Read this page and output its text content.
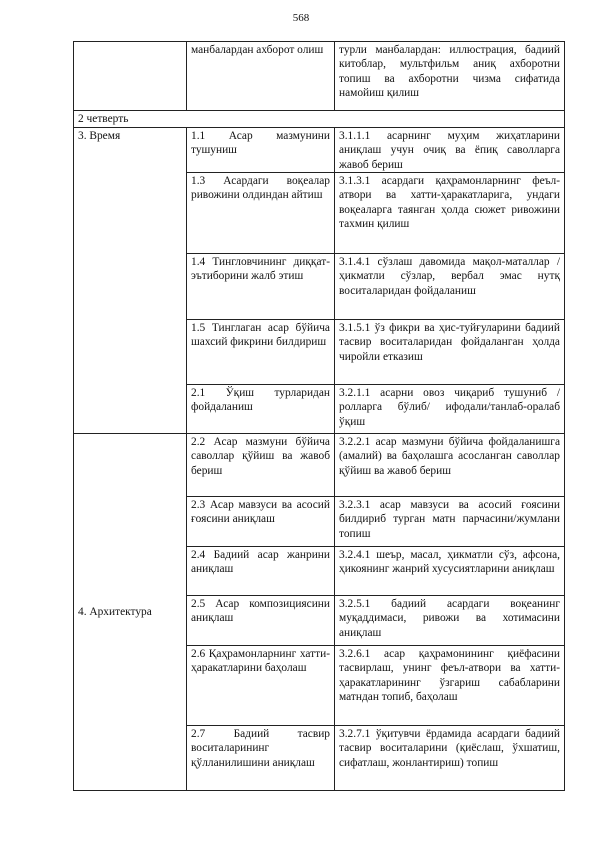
568
	манбалардан ахборот олиш	турли манбалардан: иллюстрация, бадиий китоблар, мультфильм аниқ ахборотни топиш ва ахборотни чизма сифатида намойиш қилиш
2 четверть		
3. Время	1.1 Асар мазмунини тушуниш	3.1.1.1 асарнинг муҳим жиҳатларини аниқлаш учун очиқ ва ёпиқ саволларга жавоб бериш
	1.3 Асардаги воқеалар ривожини олдиндан айтиш	3.1.3.1 асардаги қаҳрамонларнинг феъл-атвори ва хатти-ҳаракатларига, ундаги воқеаларга таянган ҳолда сюжет ривожини тахмин қилиш
	1.4 Тингловчининг диққат-эътиборини жалб этиш	3.1.4.1 сўзлаш давомида мақол-маталлар / ҳикматли сўзлар, вербал эмас нутқ воситаларидан фойдаланиш
	1.5 Тинглаган асар бўйича шахсий фикрини билдириш	3.1.5.1 ўз фикри ва ҳис-туйғуларини бадиий тасвир воситаларидан фойдаланган ҳолда чиройли етказиш
	2.1 Ўқиш турларидан фойдаланиш	3.2.1.1 асарни овоз чиқариб тушуниб / ролларга бўлиб/ ифодали/танлаб-оралаб ўқиш
4. Архитектура	2.2 Асар мазмуни бўйича саволлар қўйиш ва жавоб бериш	3.2.2.1 асар мазмуни бўйича фойдаланишга (амалий) ва баҳолашга асосланган саволлар қўйиш ва жавоб бериш
	2.3 Асар мавзуси ва асосий ғоясини аниқлаш	3.2.3.1 асар мавзуси ва асосий ғоясини билдириб турган матн парчасини/жумлани топиш
	2.4 Бадиий асар жанрини аниқлаш	3.2.4.1 шеър, масал, ҳикматли сўз, афсона, ҳикоянинг жанрий хусусиятларини аниқлаш
	2.5 Асар композициясини аниқлаш	3.2.5.1 бадиий асардаги воқеанинг муқаддимаси, ривожи ва хотимасини аниқлаш
	2.6 Қаҳрамонларнинг хатти-ҳаракатларини баҳолаш	3.2.6.1 асар қаҳрамонининг қиёфасини тасвирлаш, унинг феъл-атвори ва хатти-ҳаракатларининг ўзгариш сабабларини матндан топиб, баҳолаш
	2.7 Бадиий тасвир воситаларининг қўлланилишини аниқлаш	3.2.7.1 ўқитувчи ёрдамида асардаги бадиий тасвир воситаларини (қиёслаш, ўхшатиш, сифатлаш, жонлантириш) топиш
